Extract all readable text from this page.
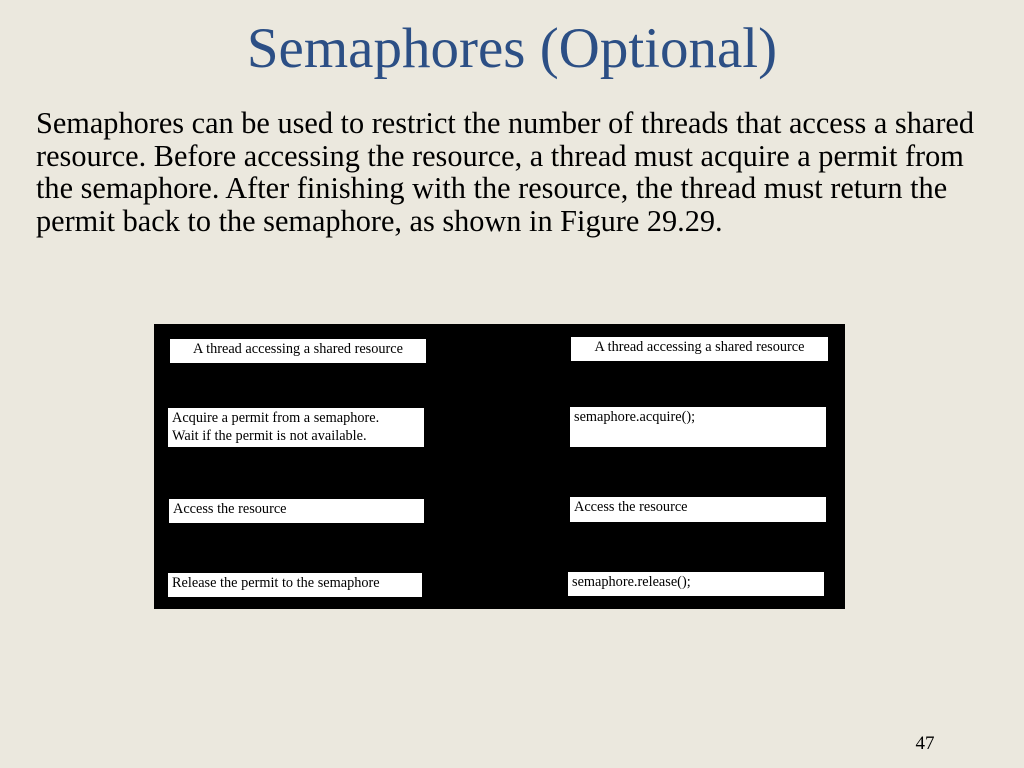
Semaphores (Optional)

Semaphores can be used to restrict the number of threads that access a shared resource. Before accessing the resource, a thread must acquire a permit from the semaphore. After finishing with the resource, the thread must return the permit back to the semaphore, as shown in Figure 29.29.

A thread accessing a shared resource
Acquire a permit from a semaphore.
Wait if the permit is not available.
Access the resource
Release the permit to the semaphore
A thread accessing a shared resource
semaphore.acquire();
Access the resource
semaphore.release();
47
